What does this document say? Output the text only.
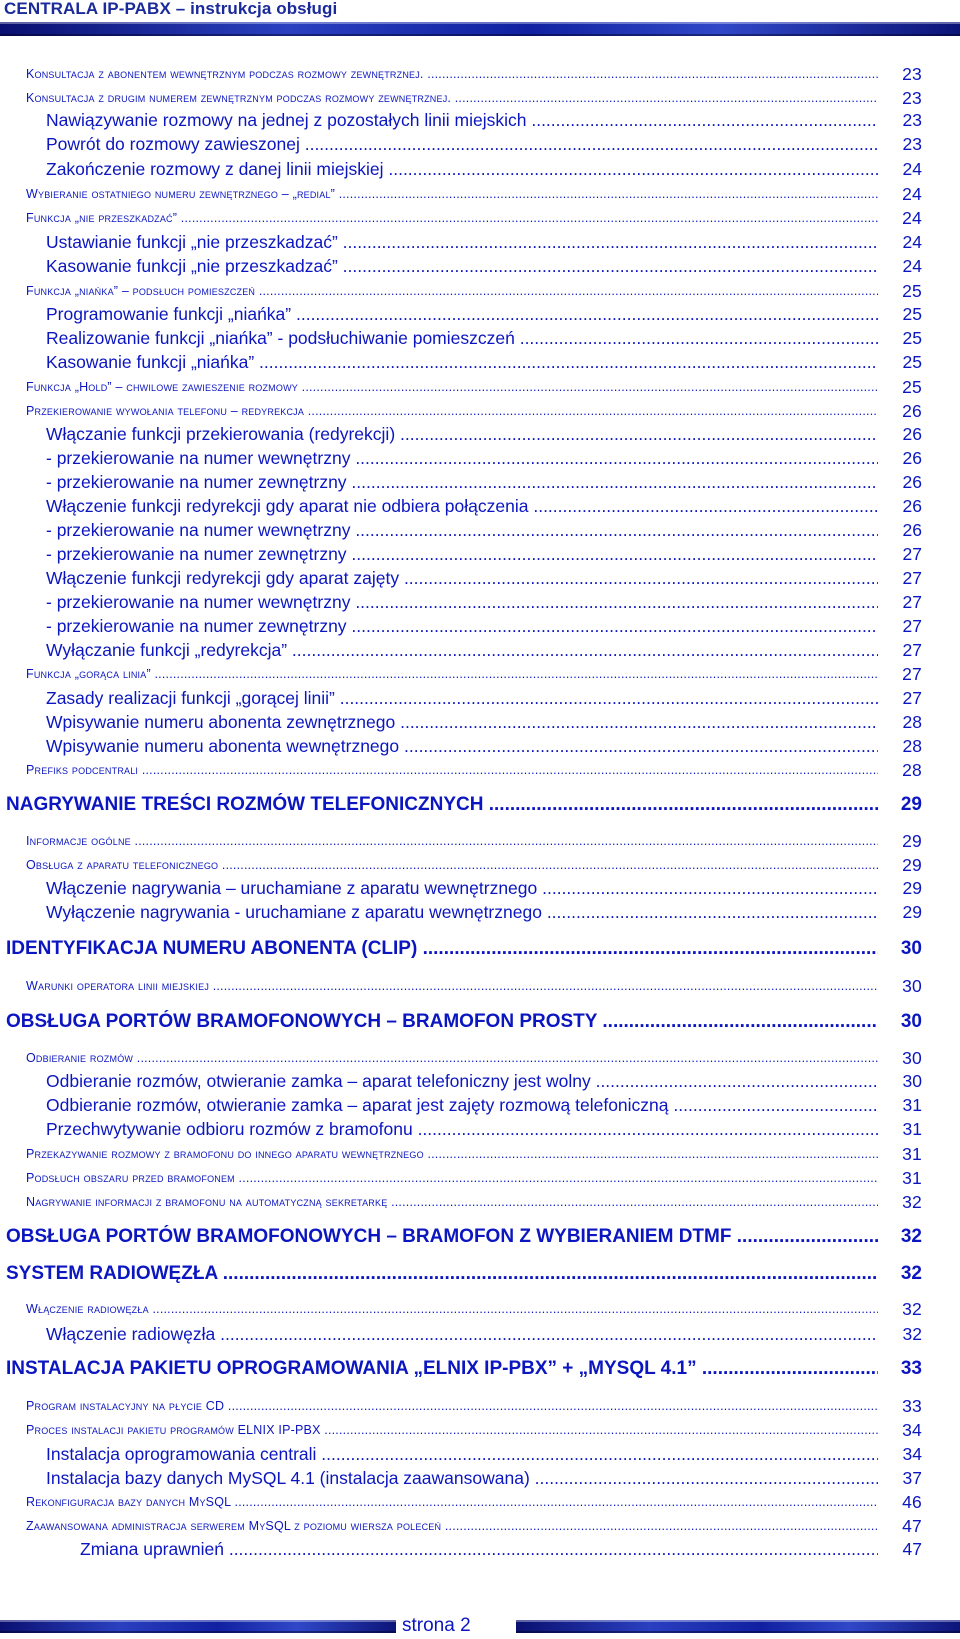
CENTRALA IP-PABX – instrukcja obsługi
Konsultacja z abonentem wewnętrznym podczas rozmowy zewnętrznej. .....	23
Konsultacja z drugim numerem zewnętrznym podczas rozmowy zewnętrznej. .....	23
Nawiązywanie rozmowy na jednej z pozostałych linii miejskich .....	23
Powrót do rozmowy zawieszonej .....	23
Zakończenie rozmowy z danej linii miejskiej .....	24
Wybieranie ostatniego numeru zewnętrznego – „redial” .....	24
Funkcja „nie przeszkadzać” .....	24
Ustawianie funkcji „nie przeszkadzać” .....	24
Kasowanie funkcji „nie przeszkadzać” .....	24
Funkcja „niańka” – podsłuch pomieszczeń .....	25
Programowanie funkcji „niańka” .....	25
Realizowanie funkcji „niańka” - podsłuchiwanie pomieszczeń .....	25
Kasowanie funkcji „niańka” .....	25
Funkcja „Hold” – chwilowe zawieszenie rozmowy .....	25
Przekierowanie wywołania telefonu – redyrekcja .....	26
Włączanie funkcji przekierowania (redyrekcji) .....	26
- przekierowanie na numer wewnętrzny .....	26
- przekierowanie na numer zewnętrzny .....	26
Włączenie funkcji redyrekcji gdy aparat nie odbiera połączenia .....	26
- przekierowanie na numer wewnętrzny .....	26
- przekierowanie na numer zewnętrzny .....	27
Włączenie funkcji redyrekcji gdy aparat zajęty .....	27
- przekierowanie na numer wewnętrzny .....	27
- przekierowanie na numer zewnętrzny .....	27
Wyłączanie funkcji „redyrekcja” .....	27
Funkcja „gorąca linia” .....	27
Zasady realizacji funkcji „gorącej linii” .....	27
Wpisywanie numeru abonenta zewnętrznego .....	28
Wpisywanie numeru abonenta wewnętrznego .....	28
Prefiks podcentrali .....	28
NAGRYWANIE TREŚCI ROZMÓW TELEFONICZNYCH .....	29
Informacje ogólne .....	29
Obsługa z aparatu telefonicznego .....	29
Włączenie nagrywania – uruchamiane z aparatu wewnętrznego .....	29
Wyłączenie nagrywania - uruchamiane z aparatu wewnętrznego .....	29
IDENTYFIKACJA NUMERU ABONENTA (CLIP) .....	30
Warunki operatora linii miejskiej .....	30
OBSŁUGA PORTÓW BRAMOFONOWYCH – BRAMOFON PROSTY .....	30
Odbieranie rozmów .....	30
Odbieranie rozmów, otwieranie zamka – aparat telefoniczny jest wolny .....	30
Odbieranie rozmów, otwieranie zamka – aparat jest zajęty rozmową telefoniczną .....	31
Przechwytywanie odbioru rozmów z bramofonu .....	31
Przekazywanie rozmowy z bramofonu do innego aparatu wewnętrznego .....	31
Podsłuch obszaru przed bramofonem .....	31
Nagrywanie informacji z bramofonu na automatyczną sekretarkę .....	32
OBSŁUGA PORTÓW BRAMOFONOWYCH – BRAMOFON Z WYBIERANIEM DTMF .....	32
SYSTEM RADIOWĘZŁA .....	32
Włączenie radiowęzła .....	32
Włączenie radiowęzła .....	32
INSTALACJA PAKIETU OPROGRAMOWANIA „ELNIX IP-PBX” + „MYSQL 4.1” .....	33
Program instalacyjny na płycie CD .....	33
Proces instalacji pakietu programów ELNIX IP-PBX .....	34
Instalacja oprogramowania centrali .....	34
Instalacja bazy danych MySQL 4.1 (instalacja zaawansowana) .....	37
Rekonfiguracja bazy danych MySQL .....	46
Zaawansowana administracja serwerem MySQL z poziomu wiersza poleceń .....	47
Zmiana uprawnień .....	47
strona 2
